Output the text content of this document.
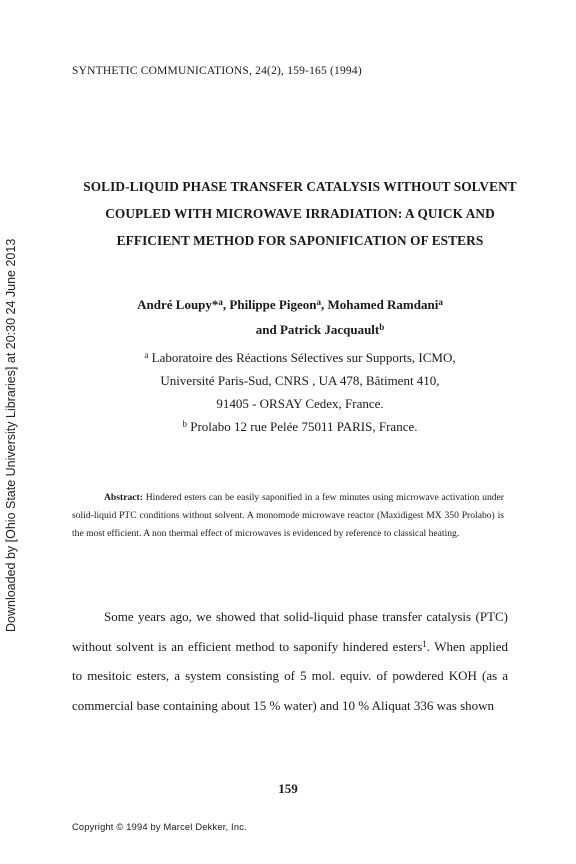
SYNTHETIC COMMUNICATIONS, 24(2), 159-165 (1994)
Downloaded by [Ohio State University Libraries] at 20:30 24 June 2013
SOLID-LIQUID PHASE TRANSFER CATALYSIS WITHOUT SOLVENT
COUPLED WITH MICROWAVE IRRADIATION: A QUICK AND
EFFICIENT METHOD FOR SAPONIFICATION OF ESTERS
André Loupy*$^a$, Philippe Pigeon$^a$, Mohamed Ramdani$^a$
and Patrick Jacquault$^b$
$^a$ Laboratoire des Réactions Sélectives sur Supports, ICMO,
Université Paris-Sud, CNRS , UA 478, Bâtiment 410,
91405 - ORSAY Cedex, France.
$^b$ Prolabo 12 rue Pelée 75011 PARIS, France.
Abstract: Hindered esters can be easily saponified in a few minutes using microwave activation under solid-liquid PTC conditions without solvent. A monomode microwave reactor (Maxidigest MX 350 Prolabo) is the most efficient. A non thermal effect of microwaves is evidenced by reference to classical heating.
Some years ago, we showed that solid-liquid phase transfer catalysis (PTC) without solvent is an efficient method to saponify hindered esters$^1$. When applied to mesitoic esters, a system consisting of 5 mol. equiv. of powdered KOH (as a commercial base containing about 15 % water) and 10 % Aliquat 336 was shown
159
Copyright © 1994 by Marcel Dekker, Inc.
